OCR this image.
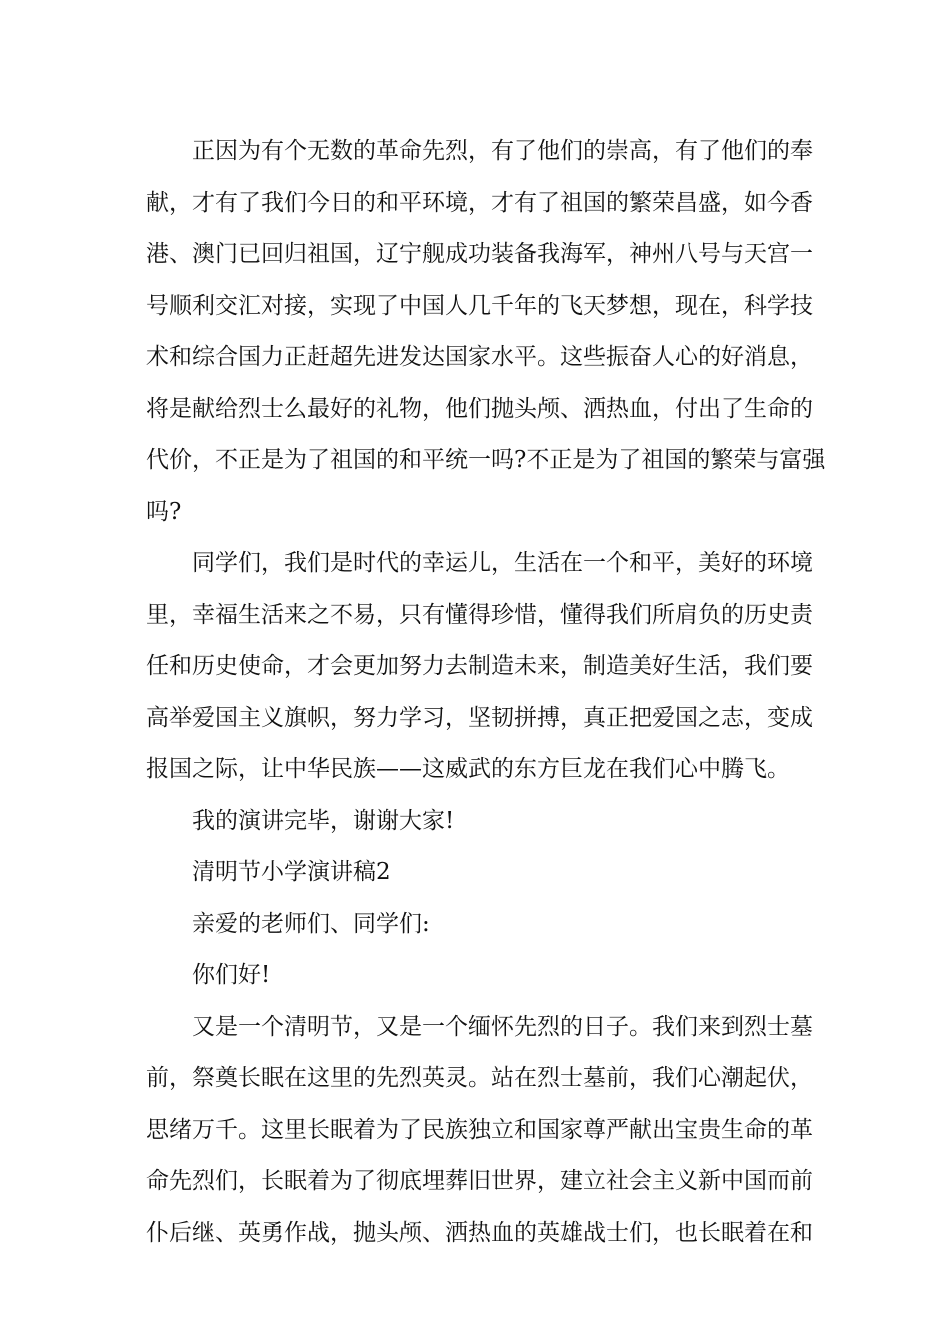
正因为有个无数的革命先烈，有了他们的崇高，有了他们的奉
献，才有了我们今日的和平环境，才有了祖国的繁荣昌盛，如今香
港、澳门已回归祖国，辽宁舰成功装备我海军，神州八号与天宫一
号顺利交汇对接，实现了中国人几千年的飞天梦想，现在，科学技
术和综合国力正赶超先进发达国家水平。这些振奋人心的好消息，
将是献给烈士么最好的礼物，他们抛头颅、洒热血，付出了生命的
代价，不正是为了祖国的和平统一吗?不正是为了祖国的繁荣与富强
吗?

同学们，我们是时代的幸运儿，生活在一个和平，美好的环境
里，幸福生活来之不易，只有懂得珍惜，懂得我们所肩负的历史责
任和历史使命，才会更加努力去制造未来，制造美好生活，我们要
高举爱国主义旗帜，努力学习，坚韧拼搏，真正把爱国之志，变成
报国之际，让中华民族——这威武的东方巨龙在我们心中腾飞。

我的演讲完毕，谢谢大家!

清明节小学演讲稿2

亲爱的老师们、同学们:

你们好!

又是一个清明节，又是一个缅怀先烈的日子。我们来到烈士墓
前，祭奠长眠在这里的先烈英灵。站在烈士墓前，我们心潮起伏，
思绪万千。这里长眠着为了民族独立和国家尊严献出宝贵生命的革
命先烈们，长眠着为了彻底埋葬旧世界，建立社会主义新中国而前
仆后继、英勇作战，抛头颅、洒热血的英雄战士们，也长眠着在和
